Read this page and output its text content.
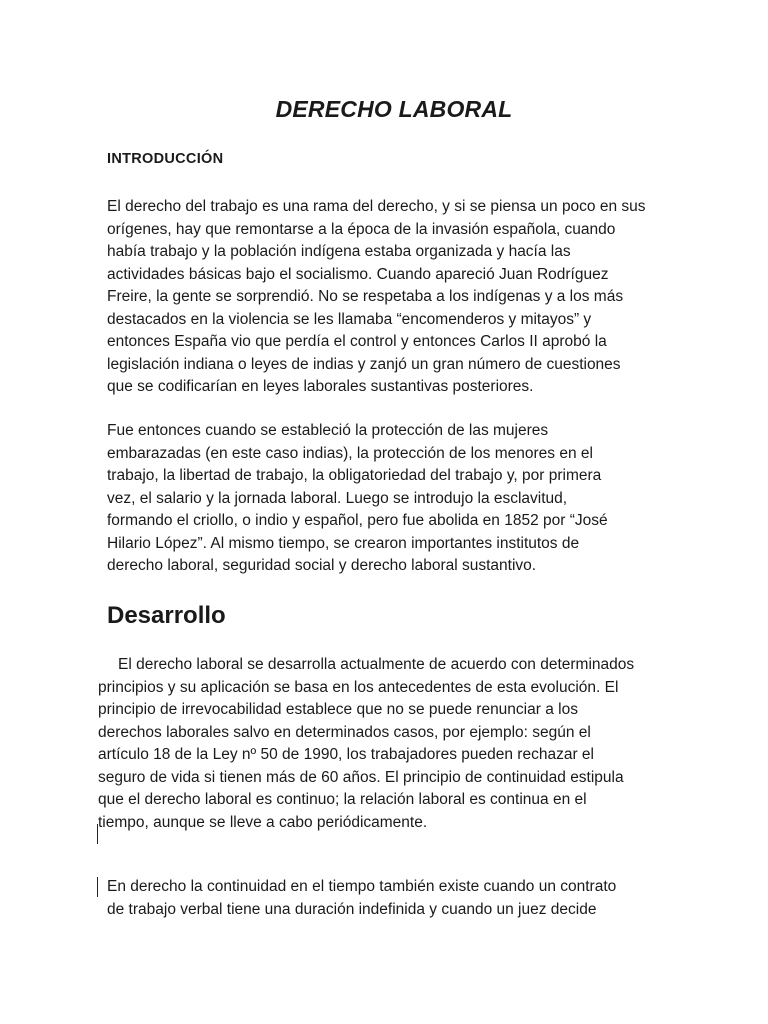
DERECHO LABORAL
INTRODUCCIÓN

El derecho del trabajo es una rama del derecho, y si se piensa un poco en sus
orígenes, hay que remontarse a la época de la invasión española, cuando
había trabajo y la población indígena estaba organizada y hacía las
actividades básicas bajo el socialismo. Cuando apareció Juan Rodríguez
Freire, la gente se sorprendió. No se respetaba a los indígenas y a los más
destacados en la violencia se les llamaba “encomenderos y mitayos” y
entonces España vio que perdía el control y entonces Carlos II aprobó la
legislación indiana o leyes de indias y zanjó un gran número de cuestiones
que se codificarían en leyes laborales sustantivas posteriores.

Fue entonces cuando se estableció la protección de las mujeres
embarazadas (en este caso indias), la protección de los menores en el
trabajo, la libertad de trabajo, la obligatoriedad del trabajo y, por primera
vez, el salario y la jornada laboral. Luego se introdujo la esclavitud,
formando el criollo, o indio y español, pero fue abolida en 1852 por “José
Hilario López”. Al mismo tiempo, se crearon importantes institutos de
derecho laboral, seguridad social y derecho laboral sustantivo.

Desarrollo

El derecho laboral se desarrolla actualmente de acuerdo con determinados
principios y su aplicación se basa en los antecedentes de esta evolución. El
principio de irrevocabilidad establece que no se puede renunciar a los
derechos laborales salvo en determinados casos, por ejemplo: según el
artículo 18 de la Ley nº 50 de 1990, los trabajadores pueden rechazar el
seguro de vida si tienen más de 60 años. El principio de continuidad estipula
que el derecho laboral es continuo; la relación laboral es continua en el
tiempo, aunque se lleve a cabo periódicamente.

En derecho la continuidad en el tiempo también existe cuando un contrato
de trabajo verbal tiene una duración indefinida y cuando un juez decide
